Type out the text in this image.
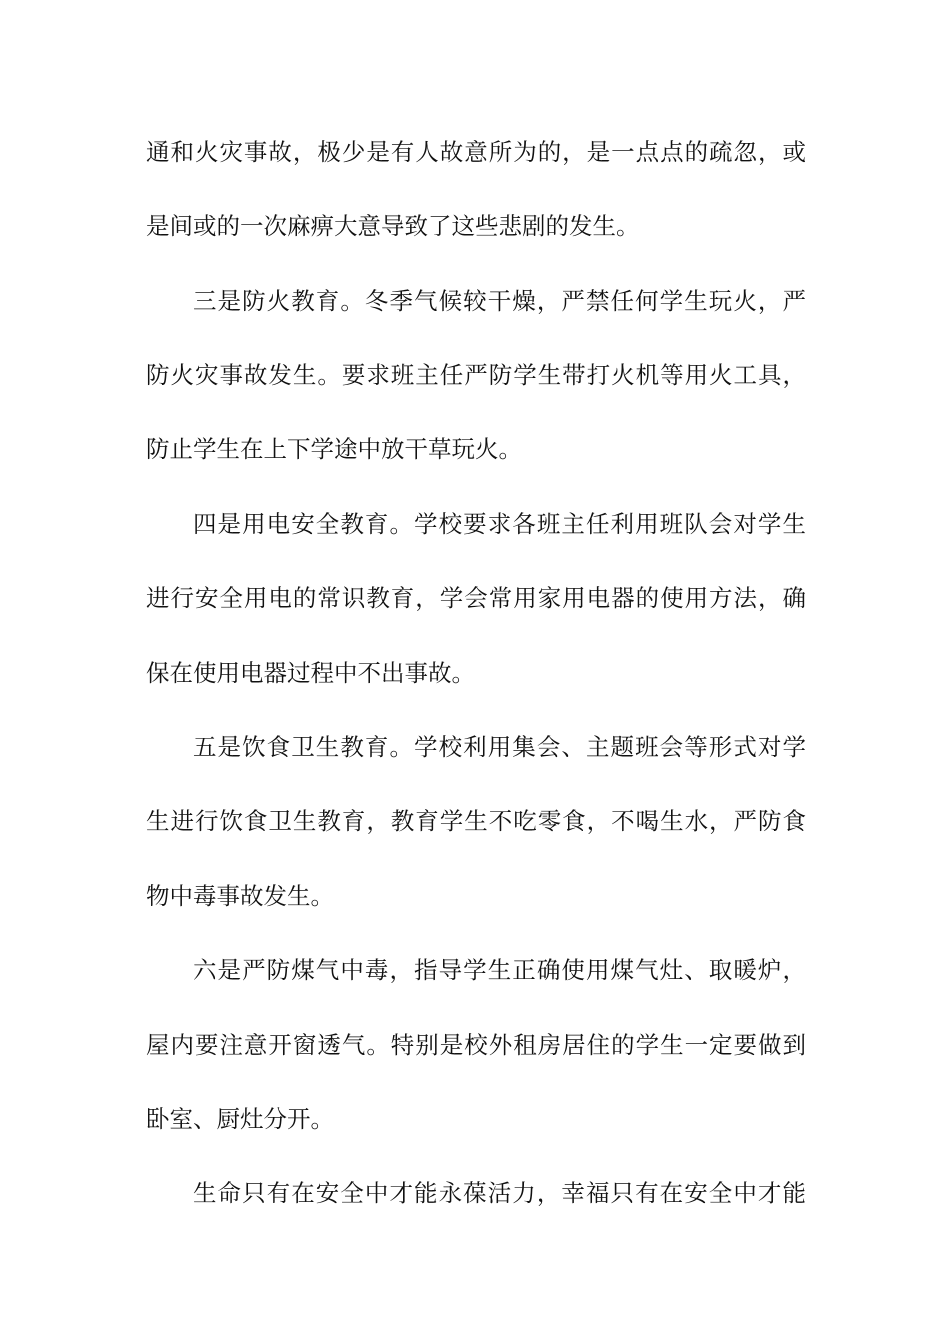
通和火灾事故，极少是有人故意所为的，是一点点的疏忽，或
是间或的一次麻痹大意导致了这些悲剧的发生。
三是防火教育。冬季气候较干燥，严禁任何学生玩火，严
防火灾事故发生。要求班主任严防学生带打火机等用火工具，
防止学生在上下学途中放干草玩火。
四是用电安全教育。学校要求各班主任利用班队会对学生
进行安全用电的常识教育，学会常用家用电器的使用方法，确
保在使用电器过程中不出事故。
五是饮食卫生教育。学校利用集会、主题班会等形式对学
生进行饮食卫生教育，教育学生不吃零食，不喝生水，严防食
物中毒事故发生。
六是严防煤气中毒，指导学生正确使用煤气灶、取暖炉，
屋内要注意开窗透气。特别是校外租房居住的学生一定要做到
卧室、厨灶分开。
生命只有在安全中才能永葆活力，幸福只有在安全中才能
